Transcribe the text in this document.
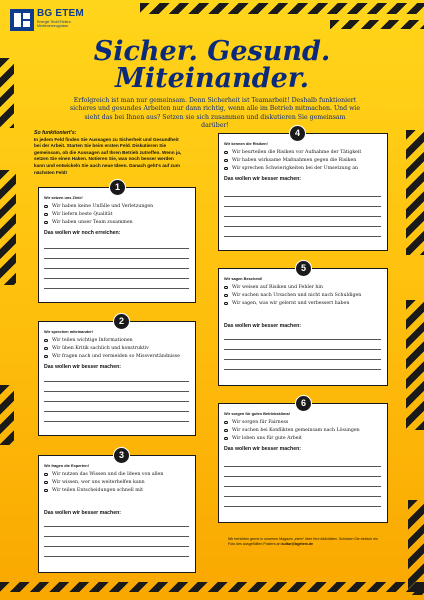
BG ETEM
Energie Textil Elektro
Medienerzeugnisse
Sicher. Gesund.
Miteinander.
Erfolgreich ist man nur gemeinsam. Denn Sicherheit ist Teamarbeit! Deshalb funktioniert sicheres und gesundes Arbeiten nur dann richtig, wenn alle im Betrieb mitmachen. Und wie sieht das bei Ihnen aus? Setzen sie sich zusammen und diskutieren Sie gemeinsam darüber!
So funktioniert's:
In jedem Feld finden Sie Aussagen zu Sicherheit und Gesundheit bei der Arbeit. Starten Sie beim ersten Feld. Diskutieren Sie gemeinsam, ob die Aussagen auf Ihren Betrieb zutreffen. Wenn ja, setzen Sie einen Haken. Notieren Sie, was noch besser werden kann und entwickeln Sie auch neue Ideen. Danach geht's auf zum nächsten Feld!
1
Wir setzen uns Ziele!
Wir haben keine Unfälle und Verletzungen
Wir liefern beste Qualität
Wir haben unser Team zusammen
Das wollen wir noch erreichen:
2
Wir sprechen miteinander!
Wir teilen wichtige Informationen
Wir üben Kritik sachlich und konstruktiv
Wir fragen nach und vermeiden so Missverständnisse
Das wollen wir besser machen:
3
Wir fragen die Experten!
Wir nutzen das Wissen und die Ideen von allen
Wir wissen, wer uns weiterhelfen kann
Wir teilen Entscheidungen schnell mit
Das wollen wir besser machen:
4
Wir kennen die Risiken!
Wir beurteilen die Risiken vor Aufnahme der Tätigkeit
Wir haben wirksame Maßnahmen gegen die Risiken
Wir sprechen Schwierigkeiten bei der Umsetzung an
Das wollen wir besser machen:
5
Wir sagen Bescheid!
Wir weisen auf Risiken und Fehler hin
Wir suchen nach Ursachen und nicht nach Schuldigen
Wir sagen, was wir gelernt und verbessert haben
Das wollen wir besser machen:
6
Wir sorgen für gutes Betriebsklima!
Wir sorgen für Fairness
Wir suchen bei Konflikten gemeinsam nach Lösungen
Wir loben uns für gute Arbeit
Das wollen wir besser machen:
Wir berichten gerne in unserem Magazin „etem“ über Ihre Aktivitäten. Schicken Sie einfach ein Foto des ausgefüllten Posters an kultur@bgetem.de
